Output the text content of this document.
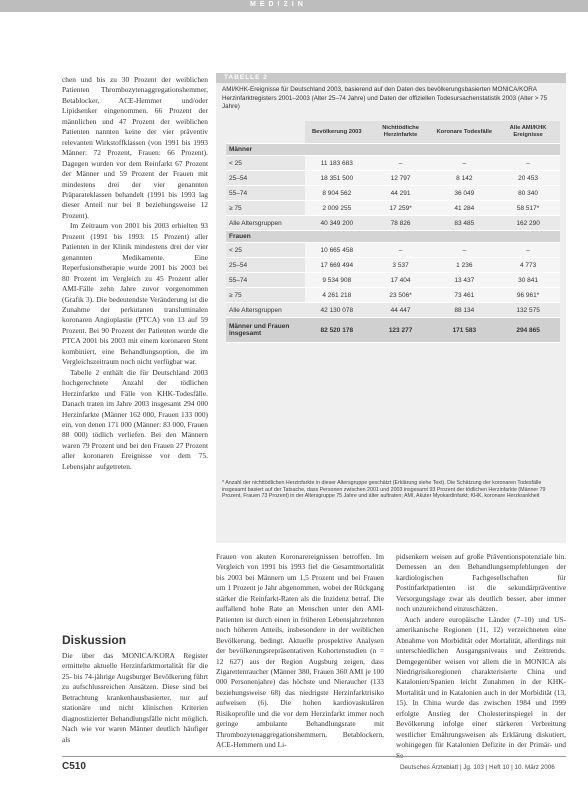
MEDIZIN

chen und bis zu 30 Prozent der weiblichen Patienten Thrombozytenaggregationshemmer, Betablocker, ACE-Hemmer und/oder Lipidsenker eingenommen. 66 Prozent der männlichen und 47 Prozent der weiblichen Patienten nannten keine der vier präventiv relevanten Wirkstoffklassen (von 1991 bis 1993 Männer: 72 Prozent, Frauen: 66 Prozent). Dagegen wurden vor dem Reinfarkt 67 Prozent der Männer und 59 Prozent der Frauen mit mindestens drei der vier genannten Präparateklassen behandelt (1991 bis 1993 lag dieser Anteil nur bei 8 beziehungsweise 12 Prozent).

Im Zeitraum von 2001 bis 2003 erhielten 93 Prozent (1991 bis 1993: 15 Prozent) aller Patienten in der Klinik mindestens drei der vier genannten Medikamente. Eine Reperfusionstherapie wurde 2001 bis 2003 bei 80 Prozent im Vergleich zu 45 Prozent aller AMI-Fälle zehn Jahre zuvor vorgenommen (Grafik 3). Die bedeutendste Veränderung ist die Zunahme der perkutanen transluminalen koronaren Angioplastie (PTCA) von 13 auf 59 Prozent. Bei 90 Prozent der Patienten wurde die PTCA 2001 bis 2003 mit einem koronaren Stent kombiniert, eine Behandlungsoption, die im Vergleichszeitraum noch nicht verfügbar war.

Tabelle 2 enthält die für Deutschland 2003 hochgerechnete Anzahl der tödlichen Herzinfarkte und Fälle von KHK-Todesfälle. Danach traten im Jahre 2003 insgesamt 294 000 Herzinfarkte (Männer 162 000, Frauen 133 000) ein, von denen 171 000 (Männer: 83 000, Frauen 88 000) tödlich verliefen. Bei den Männern waren 79 Prozent und bei den Frauen 27 Prozent aller koronaren Ereignisse vor dem 75. Lebensjahr aufgetreten.

Diskussion

Die über das MONICA/KORA Register ermittelte aktuelle Herzinfarktmortalität für die 25- bis 74-jährige Augsburger Bevölkerung führt zu aufschlussreichen Ansätzen. Diese sind bei Betrachtung krankenhausbasierter, nur auf stationäre und nicht klinischen Kriterien diagnostizierter Behandlungsfälle nicht möglich. Nach wie vor waren Männer deutlich häufiger als

TABELLE 2
AMI/KHK-Ereignisse für Deutschland 2003, basierend auf den Daten des bevölkerungsbasierten MONICA/KORA Herzinfarktregisters 2001–2003 (Alter 25–74 Jahre) und Daten der offiziellen Todesursachenstatistik 2003 (Alter > 75 Jahre)
	Bevölkerung 2003	Nichttödliche Herzinfarkte	Koronare Todesfälle	Alle AMI/KHK Ereignisse
Männer				
< 25	11 183 683	–	–	–
25–54	18 351 500	12 797	8 142	20 453
55–74	8 904 562	44 291	36 049	80 340
≥ 75	2 009 255	17 259*	41 284	58 517*
Alle Altersgruppen	40 349 200	78 826	83 485	162 290
Frauen				
< 25	10 665 458	–	–	–
25–54	17 669 494	3 537	1 236	4 773
55–74	9 534 908	17 404	13 437	30 841
≥ 75	4 261 218	23 506*	73 461	96 961*
Alle Altersgruppen	42 130 078	44 447	88 134	132 575
Männer und Frauen insgesamt	82 520 178	123 277	171 583	294 865
* Anzahl der nichttödlichen Herzinfarkte in dieser Altersgruppe geschätzt (Erklärung siehe Text). Die Schätzung der koronaren Todesfälle insgesamt basiert auf der Tatsache, dass Personen zwischen 2001 und 2003 insgesamt 93 Prozent der tödlichen Herzinfarkte (Männer 79 Prozent, Frauen 73 Prozent) in der Altersgruppe 75 Jahre und älter auftraten; AMI, Akuter Myokardinfarkt; KHK, koronare Herzkrankheit

Frauen von akuten Koronarereignissen betroffen. Im Vergleich von 1991 bis 1993 fiel die Gesamtmortalität bis 2003 bei Männern um 1,5 Prozent und bei Frauen um 1 Prozent je Jahr abgenommen, wobei der Rückgang stärker die Reinfarkt-Raten als die Inzidenz betraf. Die auffallend hohe Rate an Menschen unter den AMI-Patienten ist durch einen in früheren Lebensjahrzehnten noch höheren Anteils, insbesondere in der weiblichen Bevölkerung, bedingt. Aktuelle prospektive Analysen der bevölkerungsrepräsentativen Kohortenstudien (n = 12 627) aus der Region Augsburg zeigen, dass Zigarettenraucher (Männer 380, Frauen 360 AMI je 100 000 Personenjahre) das höchste und Nieraucher (133 beziehungsweise 68) das niedrigste Herzinfarktrisiko aufweisen (6). Die hohen kardiovaskulären Risikoprofile und die vor dem Herzinfarkt immer noch geringe ambulante Behandlungsrate mit Thrombozytenaggregationshemmern, Betablockern, ACE-Hemmern und Li-

pidsenkern weisen auf große Präventionspotenziale hin. Demessen an den Behandlungsempfehlungen der kardiologischen Fachgesellschaften für Postinfarktpatienten ist die sekundärpräventive Versorgungslage zwar als deutlich besser, aber immer noch unzureichend einzuschätzen.

Auch andere europäische Länder (7–10) und US-amerikanische Regionen (11, 12) verzeichneten eine Abnahme von Morbidität oder Mortalität, allerdings mit unterschiedlichen Ausgangsniveaus und Zeittrends. Demgegenüber weisen vor allem die in MONICA als Niedrigrisikoregionen charakterisierte China und Katalonien/Spanien leicht Zunahmen in der KHK-Mortalität und in Katalonien auch in der Morbidität (13, 15). In China wurde das zwischen 1984 und 1999 erfolgte Anstieg der Cholesterinspiegel in der Bevölkerung infolge einer stärkeren Verbreitung westlicher Ernährungsweisen als Erklärung diskutiert, wohingegen für Katalonien Defizite in der Primär- und

C510	Deutsches Ärzteblatt | Jg. 103 | Heft 10 | 10. März 2006
